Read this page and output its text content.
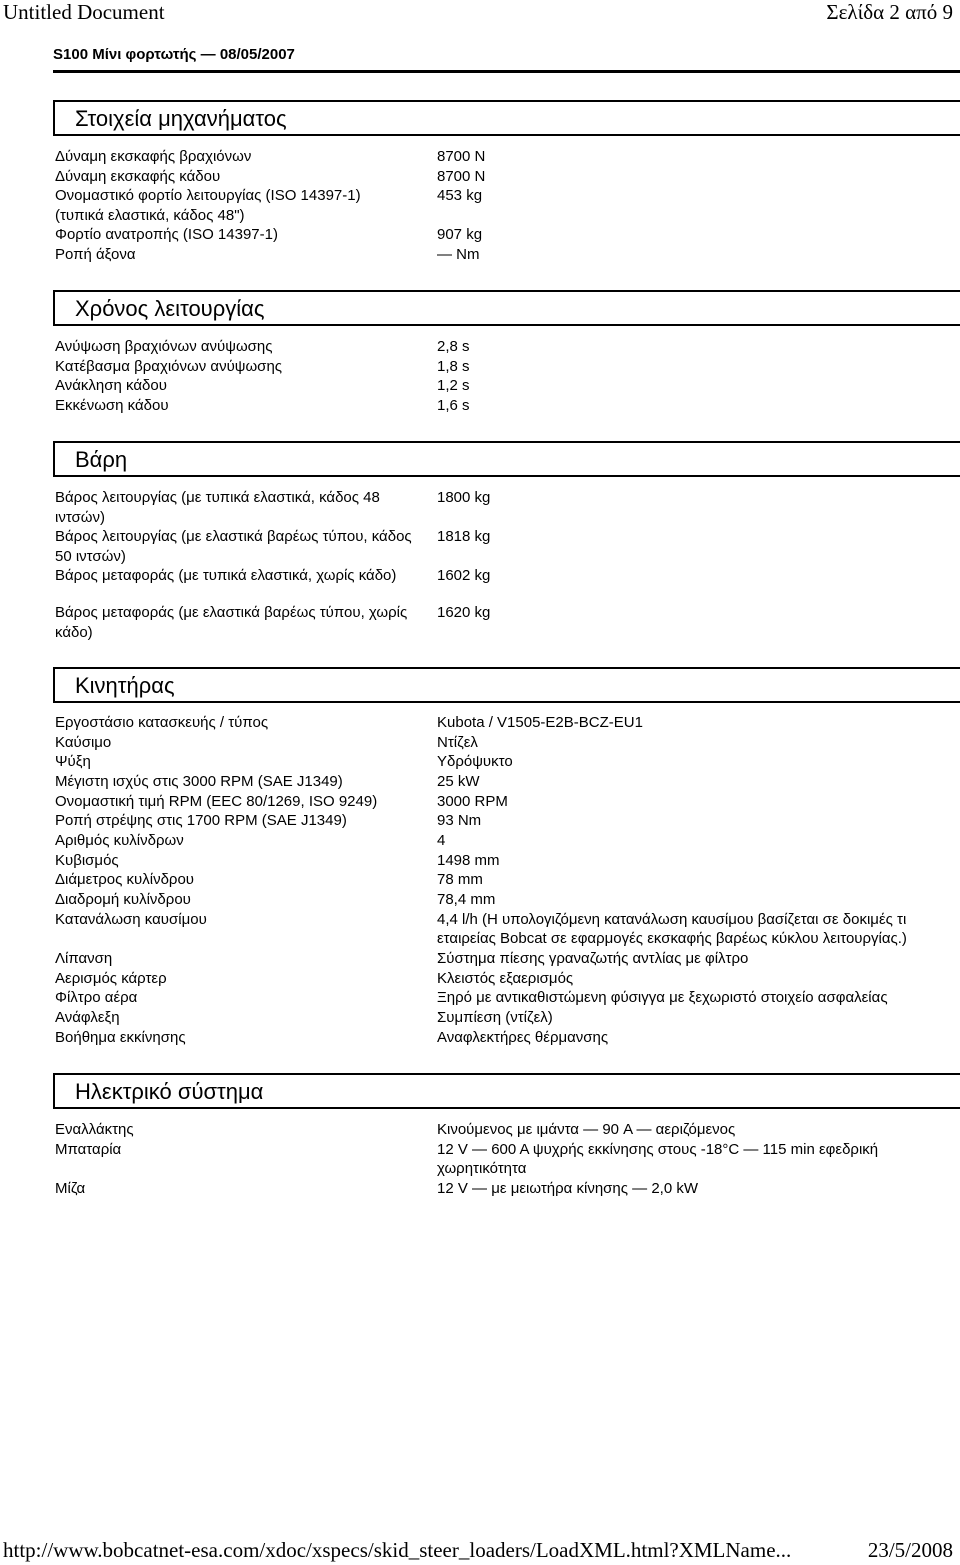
Untitled Document	Σελίδα 2 από 9
S100 Μίνι φορτωτής — 08/05/2007
Στοιχεία μηχανήματος
Δύναμη εκσκαφής βραχιόνων
Δύναμη εκσκαφής κάδου
Ονομαστικό φορτίο λειτουργίας (ISO 14397-1)
(τυπικά ελαστικά, κάδος 48")
Φορτίο ανατροπής (ISO 14397-1)
Ροπή άξονα
8700 N
8700 N
453 kg
907 kg
— Nm
Χρόνος λειτουργίας
Ανύψωση βραχιόνων ανύψωσης
Κατέβασμα βραχιόνων ανύψωσης
Ανάκληση κάδου
Εκκένωση κάδου
2,8 s
1,8 s
1,2 s
1,6 s
Βάρη
Βάρος λειτουργίας (με τυπικά ελαστικά, κάδος 48 ιντσών)
Βάρος λειτουργίας (με ελαστικά βαρέως τύπου, κάδος 50 ιντσών)
Βάρος μεταφοράς (με τυπικά ελαστικά, χωρίς κάδο)
Βάρος μεταφοράς (με ελαστικά βαρέως τύπου, χωρίς κάδο)
1800 kg
1818 kg
1602 kg
1620 kg
Κινητήρας
Εργοστάσιο κατασκευής / τύπος
Καύσιμο
Ψύξη
Μέγιστη ισχύς στις 3000 RPM (SAE J1349)
Ονομαστική τιμή RPM (EEC 80/1269, ISO 9249)
Ροπή στρέψης στις 1700 RPM (SAE J1349)
Αριθμός κυλίνδρων
Κυβισμός
Διάμετρος κυλίνδρου
Διαδρομή κυλίνδρου
Κατανάλωση καυσίμου
Λίπανση
Αερισμός κάρτερ
Φίλτρο αέρα
Ανάφλεξη
Βοήθημα εκκίνησης
Kubota / V1505-E2B-BCZ-EU1
Ντίζελ
Υδρόψυκτο
25 kW
3000 RPM
93 Nm
4
1498 mm
78 mm
78,4 mm
4,4 l/h (Η υπολογιζόμενη κατανάλωση καυσίμου βασίζεται σε δοκιμές τι
εταιρείας Bobcat σε εφαρμογές εκσκαφής βαρέως κύκλου λειτουργίας.)
Σύστημα πίεσης γραναζωτής αντλίας με φίλτρο
Κλειστός εξαερισμός
Ξηρό με αντικαθιστώμενη φύσιγγα με ξεχωριστό στοιχείο ασφαλείας
Συμπίεση (ντίζελ)
Αναφλεκτήρες θέρμανσης
Ηλεκτρικό σύστημα
Εναλλάκτης
Μπαταρία
Μίζα
Κινούμενος με ιμάντα — 90 A — αεριζόμενος
12 V — 600 A ψυχρής εκκίνησης στους -18°C — 115 min εφεδρική
χωρητικότητα
12 V — με μειωτήρα κίνησης — 2,0 kW
http://www.bobcatnet-esa.com/xdoc/xspecs/skid_steer_loaders/LoadXML.html?XMLName...	23/5/2008
